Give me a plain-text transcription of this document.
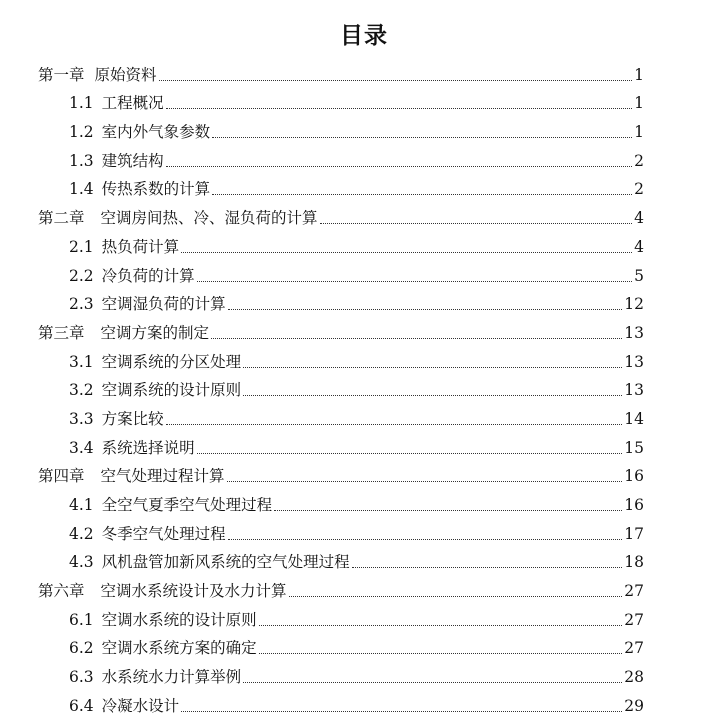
目录
第一章 原始资料	1
1.1 工程概况	1
1.2 室内外气象参数	1
1.3 建筑结构	2
1.4 传热系数的计算	2
第二章 空调房间热、冷、湿负荷的计算	4
2.1 热负荷计算	4
2.2 冷负荷的计算	5
2.3 空调湿负荷的计算	12
第三章 空调方案的制定	13
3.1 空调系统的分区处理	13
3.2 空调系统的设计原则	13
3.3 方案比较	14
3.4 系统选择说明	15
第四章 空气处理过程计算	16
4.1 全空气夏季空气处理过程	16
4.2 冬季空气处理过程	17
4.3 风机盘管加新风系统的空气处理过程	18
第六章 空调水系统设计及水力计算	27
6.1 空调水系统的设计原则	27
6.2 空调水系统方案的确定	27
6.3 水系统水力计算举例	28
6.4 冷凝水设计	29
